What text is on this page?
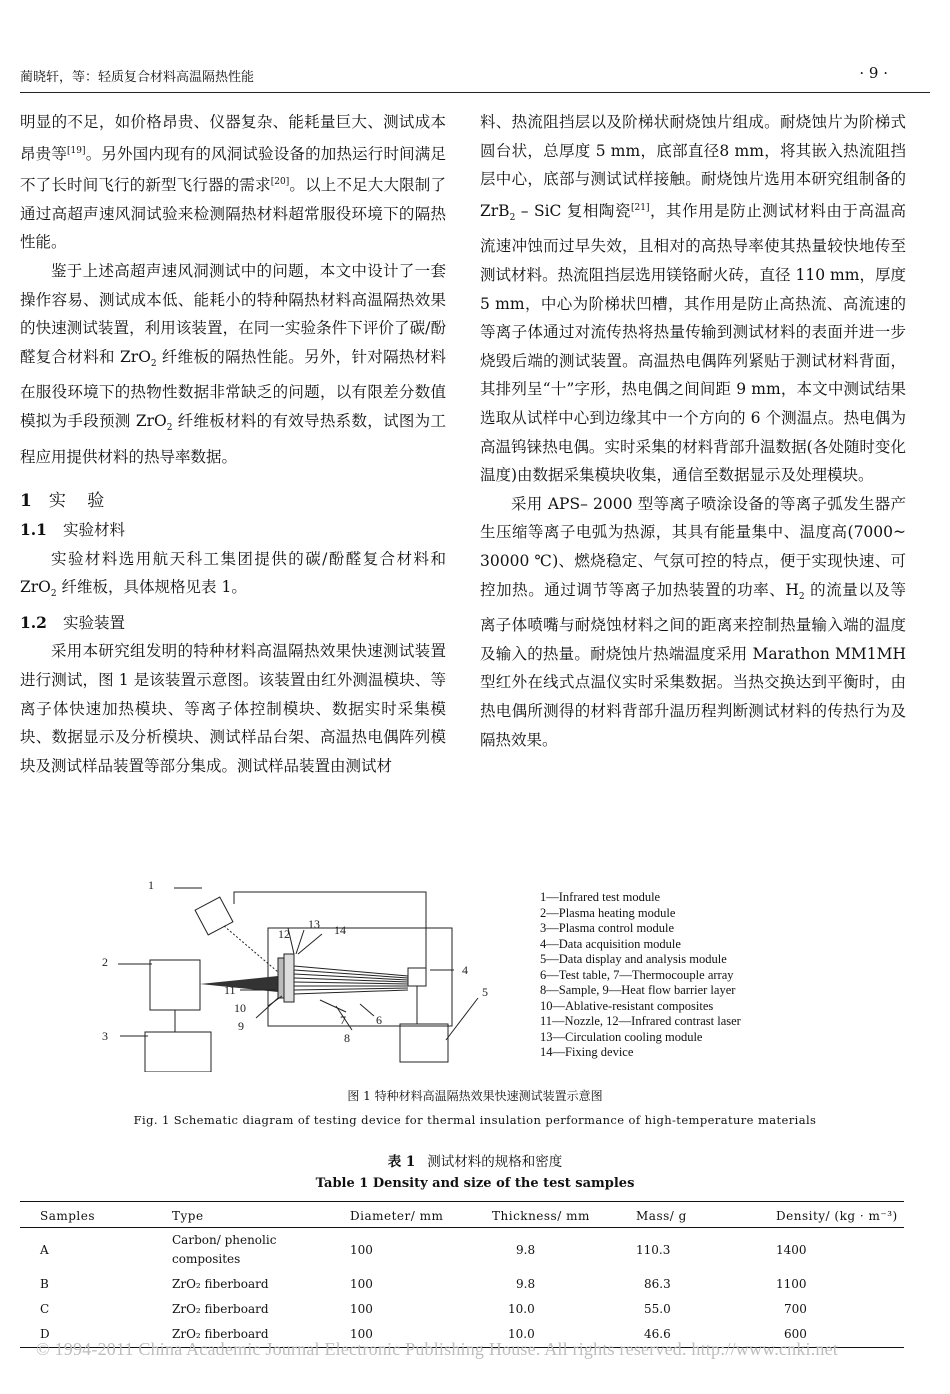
蔺晓轩，等：轻质复合材料高温隔热性能	· 9 ·

明显的不足，如价格昂贵、仪器复杂、能耗量巨大、测试成本昂贵等[19]。另外国内现有的风洞试验设备的加热运行时间满足不了长时间飞行的新型飞行器的需求[20]。以上不足大大限制了通过高超声速风洞试验来检测隔热材料超常服役环境下的隔热性能。

鉴于上述高超声速风洞测试中的问题，本文中设计了一套操作容易、测试成本低、能耗小的特种隔热材料高温隔热效果的快速测试装置，利用该装置，在同一实验条件下评价了碳/酚醛复合材料和 ZrO$_2$ 纤维板的隔热性能。另外，针对隔热材料在服役环境下的热物性数据非常缺乏的问题，以有限差分数值模拟为手段预测 ZrO$_2$ 纤维板材料的有效导热系数，试图为工程应用提供材料的热导率数据。

1 实 验

1.1 实验材料

实验材料选用航天科工集团提供的碳/酚醛复合材料和 ZrO$_2$ 纤维板，具体规格见表 1。

1.2 实验装置

采用本研究组发明的特种材料高温隔热效果快速测试装置进行测试，图 1 是该装置示意图。该装置由红外测温模块、等离子体快速加热模块、等离子体控制模块、数据实时采集模块、数据显示及分析模块、测试样品台架、高温热电偶阵列模块及测试样品装置等部分集成。测试样品装置由测试材

料、热流阻挡层以及阶梯状耐烧蚀片组成。耐烧蚀片为阶梯式圆台状，总厚度 5 mm，底部直径8 mm，将其嵌入热流阻挡层中心，底部与测试试样接触。耐烧蚀片选用本研究组制备的 ZrB$_2$ – SiC 复相陶瓷[21]，其作用是防止测试材料由于高温高流速冲蚀而过早失效，且相对的高热导率使其热量较快地传至测试材料。热流阻挡层选用镁铬耐火砖，直径 110 mm，厚度 5 mm，中心为阶梯状凹槽，其作用是防止高热流、高流速的等离子体通过对流传热将热量传输到测试材料的表面并进一步烧毁后端的测试装置。高温热电偶阵列紧贴于测试材料背面，其排列呈“十”字形，热电偶之间间距 9 mm，本文中测试结果选取从试样中心到边缘其中一个方向的 6 个测温点。热电偶为高温钨铼热电偶。实时采集的材料背部升温数据(各处随时变化温度)由数据采集模块收集，通信至数据显示及处理模块。

采用 APS– 2000 型等离子喷涂设备的等离子弧发生器产生压缩等离子电弧为热源，其具有能量集中、温度高(7000~ 30000 ℃)、燃烧稳定、气氛可控的特点，便于实现快速、可控加热。通过调节等离子加热装置的功率、$H_2$ 的流量以及等离子体喷嘴与耐烧蚀材料之间的距离来控制热量输入端的温度及输入的热量。耐烧蚀片热端温度采用 Marathon MM1MH 型红外在线式点温仪实时采集数据。当热交换达到平衡时，由热电偶所测得的材料背部升温历程判断测试材料的传热行为及隔热效果。

1
2
3
4
5
6
7
8
9
10
11
12
13 14
1—Infrared test module
2—Plasma heating module
3—Plasma control module
4—Data acquisition module
5—Data display and analysis module
6—Test table, 7—Thermocouple array
8—Sample, 9—Heat flow barrier layer
10—Ablative-resistant composites
11—Nozzle, 12—Infrared contrast laser
13—Circulation cooling module
14—Fixing device
图 1 特种材料高温隔热效果快速测试装置示意图
Fig. 1 Schematic diagram of testing device for thermal insulation performance of high-temperature materials
表 1 测试材料的规格和密度
Table 1 Density and size of the test samples
Samples	Type	Diameter/ mm	Thickness/ mm	Mass/ g	Density/ (kg · m⁻³)
A	Carbon/ phenolic composites	100	9.8	110.3	1400
B	ZrO₂ fiberboard	100	9.8	86.3	1100
C	ZrO₂ fiberboard	100	10.0	55.0	700
D	ZrO₂ fiberboard	100	10.0	46.6	600
© 1994-2011 China Academic Journal Electronic Publishing House. All rights reserved. http://www.cnki.net
